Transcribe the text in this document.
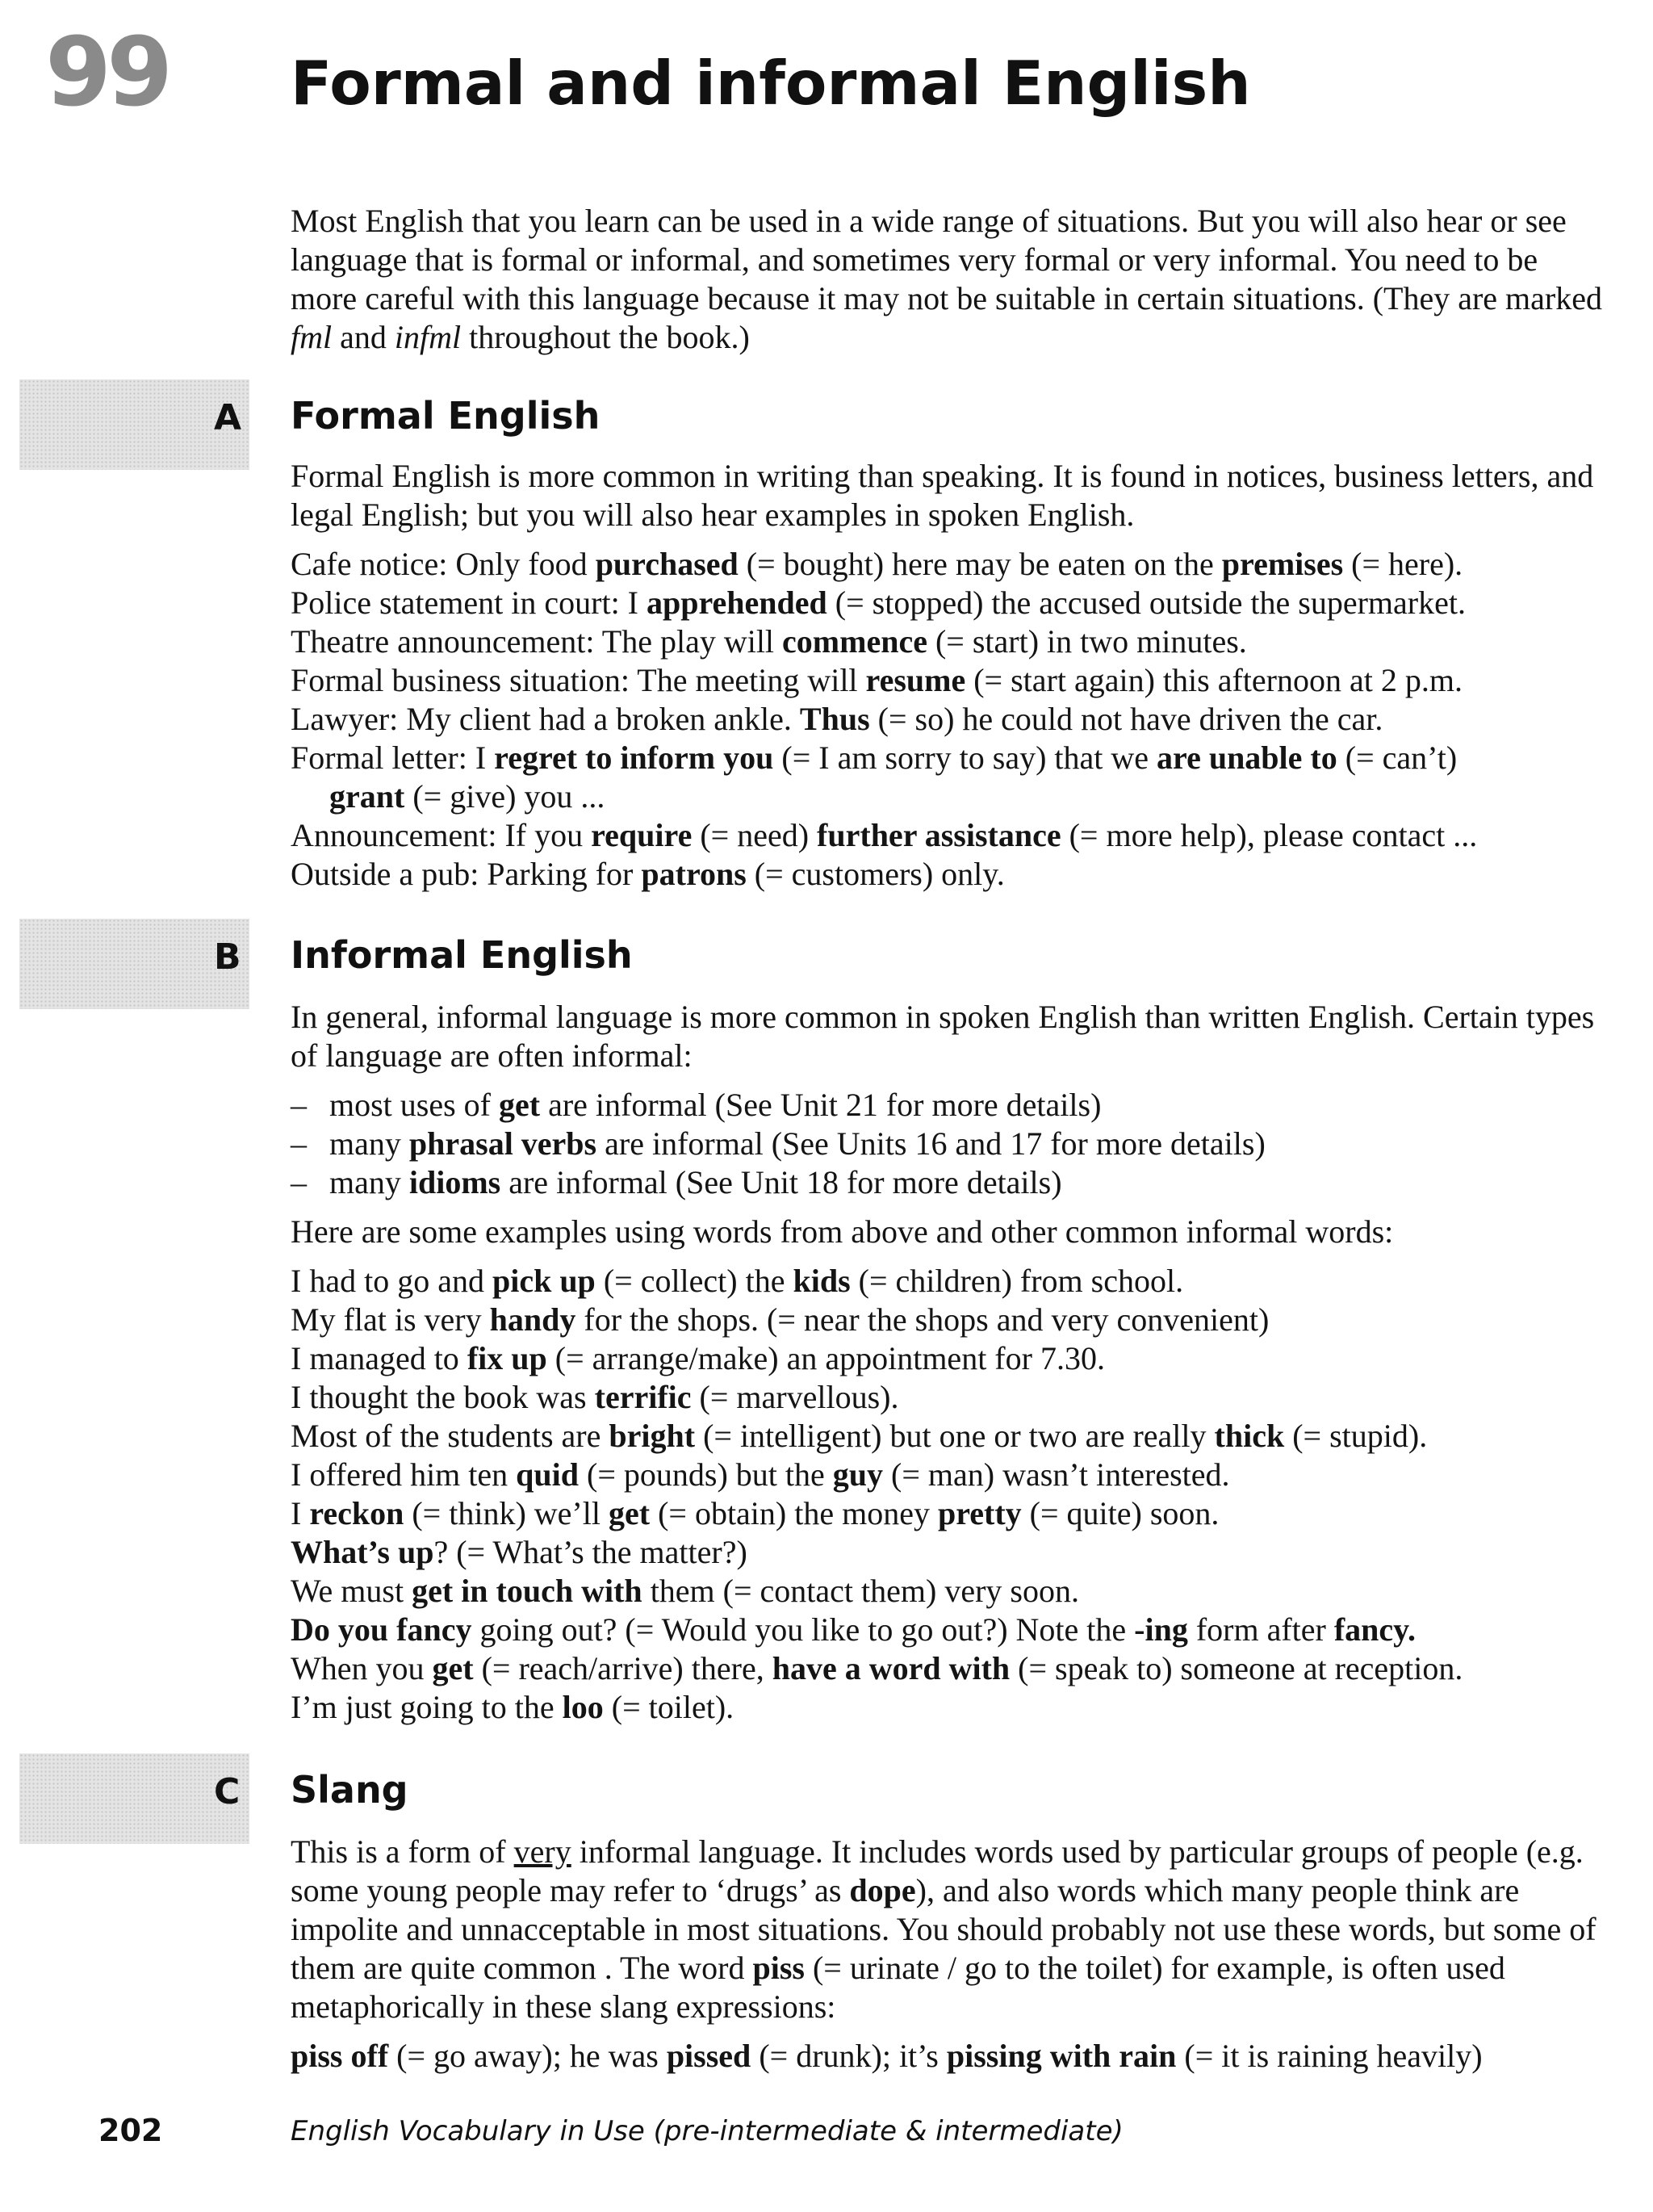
99 Formal and informal English

Most English that you learn can be used in a wide range of situations. But you will also hear or see language that is formal or informal, and sometimes very formal or very informal. You need to be more careful with this language because it may not be suitable in certain situations. (They are marked fml and infml throughout the book.)

A Formal English

Formal English is more common in writing than speaking. It is found in notices, business letters, and legal English; but you will also hear examples in spoken English.

Cafe notice: Only food purchased (= bought) here may be eaten on the premises (= here).
Police statement in court: I apprehended (= stopped) the accused outside the supermarket.
Theatre announcement: The play will commence (= start) in two minutes.
Formal business situation: The meeting will resume (= start again) this afternoon at 2 p.m.
Lawyer: My client had a broken ankle. Thus (= so) he could not have driven the car.
Formal letter: I regret to inform you (= I am sorry to say) that we are unable to (= can’t)
grant (= give) you ...
Announcement: If you require (= need) further assistance (= more help), please contact ...
Outside a pub: Parking for patrons (= customers) only.
B Informal English

In general, informal language is more common in spoken English than written English. Certain types of language are often informal:

– most uses of get are informal (See Unit 21 for more details)
– many phrasal verbs are informal (See Units 16 and 17 for more details)
– many idioms are informal (See Unit 18 for more details)

Here are some examples using words from above and other common informal words:

I had to go and pick up (= collect) the kids (= children) from school.
My flat is very handy for the shops. (= near the shops and very convenient)
I managed to fix up (= arrange/make) an appointment for 7.30.
I thought the book was terrific (= marvellous).
Most of the students are bright (= intelligent) but one or two are really thick (= stupid).
I offered him ten quid (= pounds) but the guy (= man) wasn’t interested.
I reckon (= think) we’ll get (= obtain) the money pretty (= quite) soon.
What’s up? (= What’s the matter?)
We must get in touch with them (= contact them) very soon.
Do you fancy going out? (= Would you like to go out?) Note the -ing form after fancy.
When you get (= reach/arrive) there, have a word with (= speak to) someone at reception.
I’m just going to the loo (= toilet).
C Slang

This is a form of very informal language. It includes words used by particular groups of people (e.g. some young people may refer to ‘drugs’ as dope), and also words which many people think are impolite and unnacceptable in most situations. You should probably not use these words, but some of them are quite common . The word piss (= urinate / go to the toilet) for example, is often used metaphorically in these slang expressions:

piss off (= go away); he was pissed (= drunk); it’s pissing with rain (= it is raining heavily)

202	English Vocabulary in Use (pre-intermediate & intermediate)
